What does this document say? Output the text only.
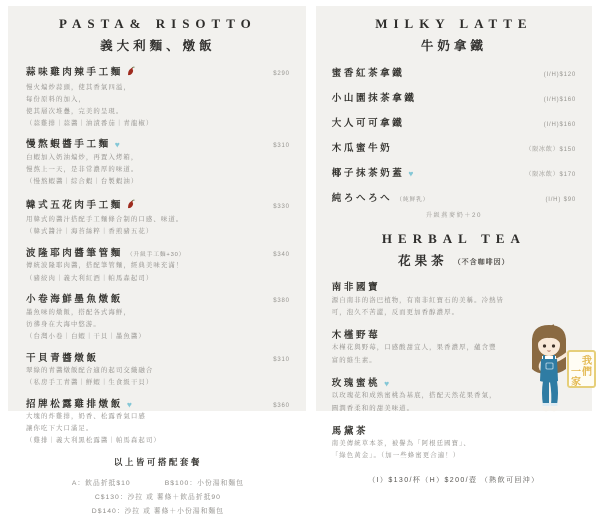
PASTA& RISOTTO
義大利麵、燉飯
蒜味雞肉辣手工麵	$290
慢火煸炒蒜頭，使其香氣四溢，
每份原料的加入，
使其層次堆疊，完美的呈現。
（蒜雞排｜蒜醬｜油漬番茄｜青龍椒）
慢熬蝦醬手工麵 ♥	$310
白蝦加入奶油煸炒，再置入烤箱，
慢熬上一天，是非常濃厚的味道。
（慢熬蝦醬｜綜合蝦｜台製蝦油）
韓式五花肉手工麵	$330
用韓式的醬汁搭配手工麵條合制的口感、味道。
（韓式醬汁｜海苔絲粹｜香煎豬五花）
波隆耶肉醬筆管麵 （升級手工麵+30）	$340
傳統波隆耶肉醬，搭配筆管麵，經典美味充滿！
（豬絞肉｜義大利紅酒｜帕馬森起司）
小卷海鮮墨魚燉飯	$380
墨魚味的燉飯，搭配各式海鮮，
彷彿身在大海中悠游。
（台灣小卷｜白蝦｜干貝｜墨魚醬）
干貝青醬燉飯	$310
翠綠的青醬燉飯配合適的起司交織融合
（私房手工青醬｜鮮蝦｜生食級干貝）
招牌松露雞排燉飯 ♥	$360
大塊的炸雞排，奶香、松露香氣口感
讓你吃下大口滿足。
（雞排｜義大利黑松露醬｜帕馬森起司）
以上皆可搭配套餐
A：飲品折抵$10	B$100：小份湯和麵包
C$130：沙拉 或 薯條＋飲品折抵90
D$140：沙拉 或 薯條＋小份湯和麵包
MILKY LATTE
牛奶拿鐵
蜜香紅茶拿鐵	(I/H)$120
小山園抹茶拿鐵	(I/H)$160
大人可可拿鐵	(I/H)$160
木瓜蜜牛奶	（限冰飲）$150
椰子抹茶奶蓋 ♥	（限冰飲）$170
純ろへろへ （純鮮乳）	(I/H) $90
升級燕麥奶＋20
HERBAL TEA
花果茶 （不含咖啡因）
南非國寶
源自南非的洛巴植物，有南非紅寶石的美稱。冷熱皆
可，泡久不苦澀，反而更加香醇濃厚。
木槿野莓
木槿花與野莓，口感酸甜宜人，果香濃厚，蘊含豐
富的維生素。
玫瑰蜜桃 ♥
以玫瑰花和成熟蜜桃為基底，搭配天然花果香氣，
圓潤香柔和的甜美味道。
馬黛茶
南美傳統草本茶，被譽為「阿根廷國寶」、
「綠色黃金」。（加一些蜂蜜更合適！）
（I）$130/杯（H）$200/壺 （熱飲可回沖）
我
們
一
家
